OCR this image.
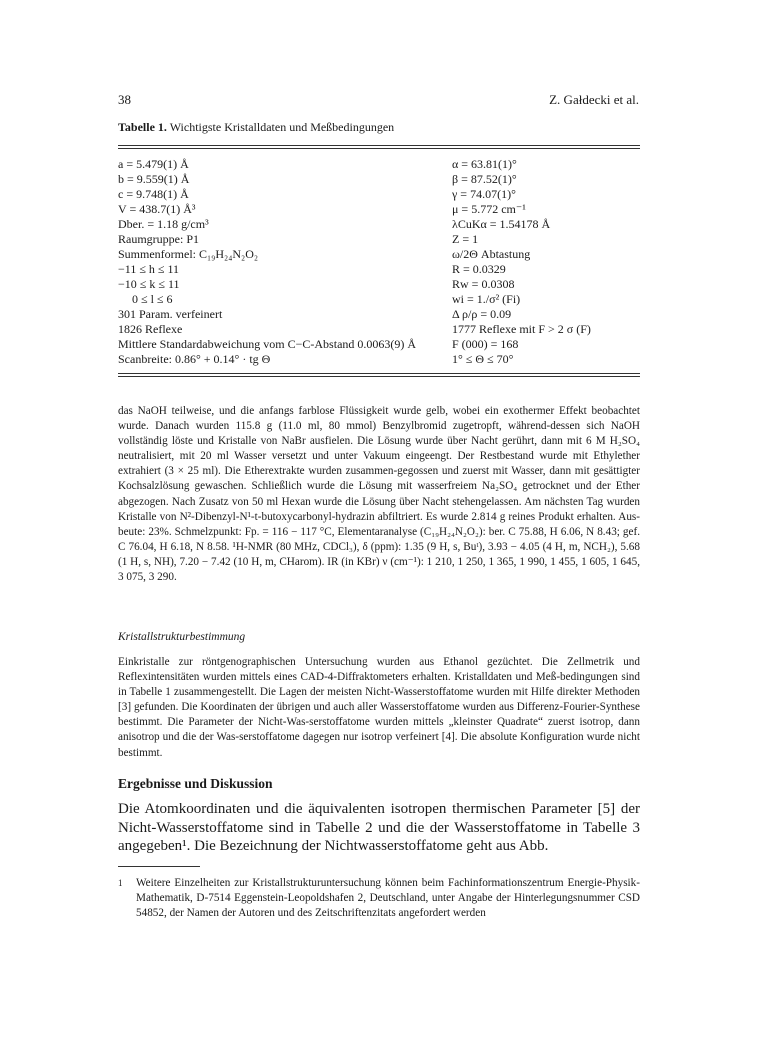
38	Z. Gałdecki et al.
Tabelle 1. Wichtigste Kristalldaten und Meßbedingungen
a = 5.479(1) Å	α = 63.81(1)°
b = 9.559(1) Å	β = 87.52(1)°
c = 9.748(1) Å	γ = 74.07(1)°
V = 438.7(1) Å³	μ = 5.772 cm⁻¹
Dber. = 1.18 g/cm³	λCuKα = 1.54178 Å
Raumgruppe: P1	Z = 1
Summenformel: C₁₉H₂₄N₂O₂	ω/2Θ Abtastung
−11 ≤ h ≤ 11	R = 0.0329
−10 ≤ k ≤ 11	Rw = 0.0308
0 ≤ l ≤ 6	wi = 1./σ² (Fi)
301 Param. verfeinert	Δ ρ/ρ = 0.09
1826 Reflexe	1777 Reflexe mit F > 2 σ (F)
Mittlere Standardabweichung vom C−C-Abstand 0.0063(9) Å	F (000) = 168
Scanbreite: 0.86° + 0.14° · tg Θ	1° ≤ Θ ≤ 70°

das NaOH teilweise, und die anfangs farblose Flüssigkeit wurde gelb, wobei ein exothermer Effekt beobachtet wurde. Danach wurden 115.8 g (11.0 ml, 80 mmol) Benzylbromid zugetropft, während-dessen sich NaOH vollständig löste und Kristalle von NaBr ausfielen. Die Lösung wurde über Nacht gerührt, dann mit 6 M H₂SO₄ neutralisiert, mit 20 ml Wasser versetzt und unter Vakuum eingeengt. Der Restbestand wurde mit Ethylether extrahiert (3 × 25 ml). Die Etherextrakte wurden zusammen-gegossen und zuerst mit Wasser, dann mit gesättigter Kochsalzlösung gewaschen. Schließlich wurde die Lösung mit wasserfreiem Na₂SO₄ getrocknet und der Ether abgezogen. Nach Zusatz von 50 ml Hexan wurde die Lösung über Nacht stehengelassen. Am nächsten Tag wurden Kristalle von N²-Dibenzyl-N¹-t-butoxycarbonyl-hydrazin abfiltriert. Es wurde 2.814 g reines Produkt erhalten. Aus-beute: 23%. Schmelzpunkt: Fp. = 116 − 117 °C, Elementaranalyse (C₁₉H₂₄N₂O₂): ber. C 75.88, H 6.06, N 8.43; gef. C 76.04, H 6.18, N 8.58. ¹H-NMR (80 MHz, CDCl₃), δ (ppm): 1.35 (9 H, s, Buᵗ), 3.93 − 4.05 (4 H, m, NCH₂), 5.68 (1 H, s, NH), 7.20 − 7.42 (10 H, m, CHarom). IR (in KBr) ν (cm⁻¹): 1 210, 1 250, 1 365, 1 990, 1 455, 1 605, 1 645, 3 075, 3 290.

Kristallstrukturbestimmung

Einkristalle zur röntgenographischen Untersuchung wurden aus Ethanol gezüchtet. Die Zellmetrik und Reflexintensitäten wurden mittels eines CAD-4-Diffraktometers erhalten. Kristalldaten und Meß-bedingungen sind in Tabelle 1 zusammengestellt. Die Lagen der meisten Nicht-Wasserstoffatome wurden mit Hilfe direkter Methoden [3] gefunden. Die Koordinaten der übrigen und auch aller Wasserstoffatome wurden aus Differenz-Fourier-Synthese bestimmt. Die Parameter der Nicht-Was-serstoffatome wurden mittels „kleinster Quadrate“ zuerst isotrop, dann anisotrop und die der Was-serstoffatome dagegen nur isotrop verfeinert [4]. Die absolute Konfiguration wurde nicht bestimmt.

Ergebnisse und Diskussion

Die Atomkoordinaten und die äquivalenten isotropen thermischen Parameter [5] der Nicht-Wasserstoffatome sind in Tabelle 2 und die der Wasserstoffatome in Tabelle 3 angegeben¹. Die Bezeichnung der Nichtwasserstoffatome geht aus Abb.

1 Weitere Einzelheiten zur Kristallstrukturuntersuchung können beim Fachinformationszentrum Energie-Physik-Mathematik, D-7514 Eggenstein-Leopoldshafen 2, Deutschland, unter Angabe der Hinterlegungsnummer CSD 54852, der Namen der Autoren und des Zeitschriftenzitats angefordert werden
